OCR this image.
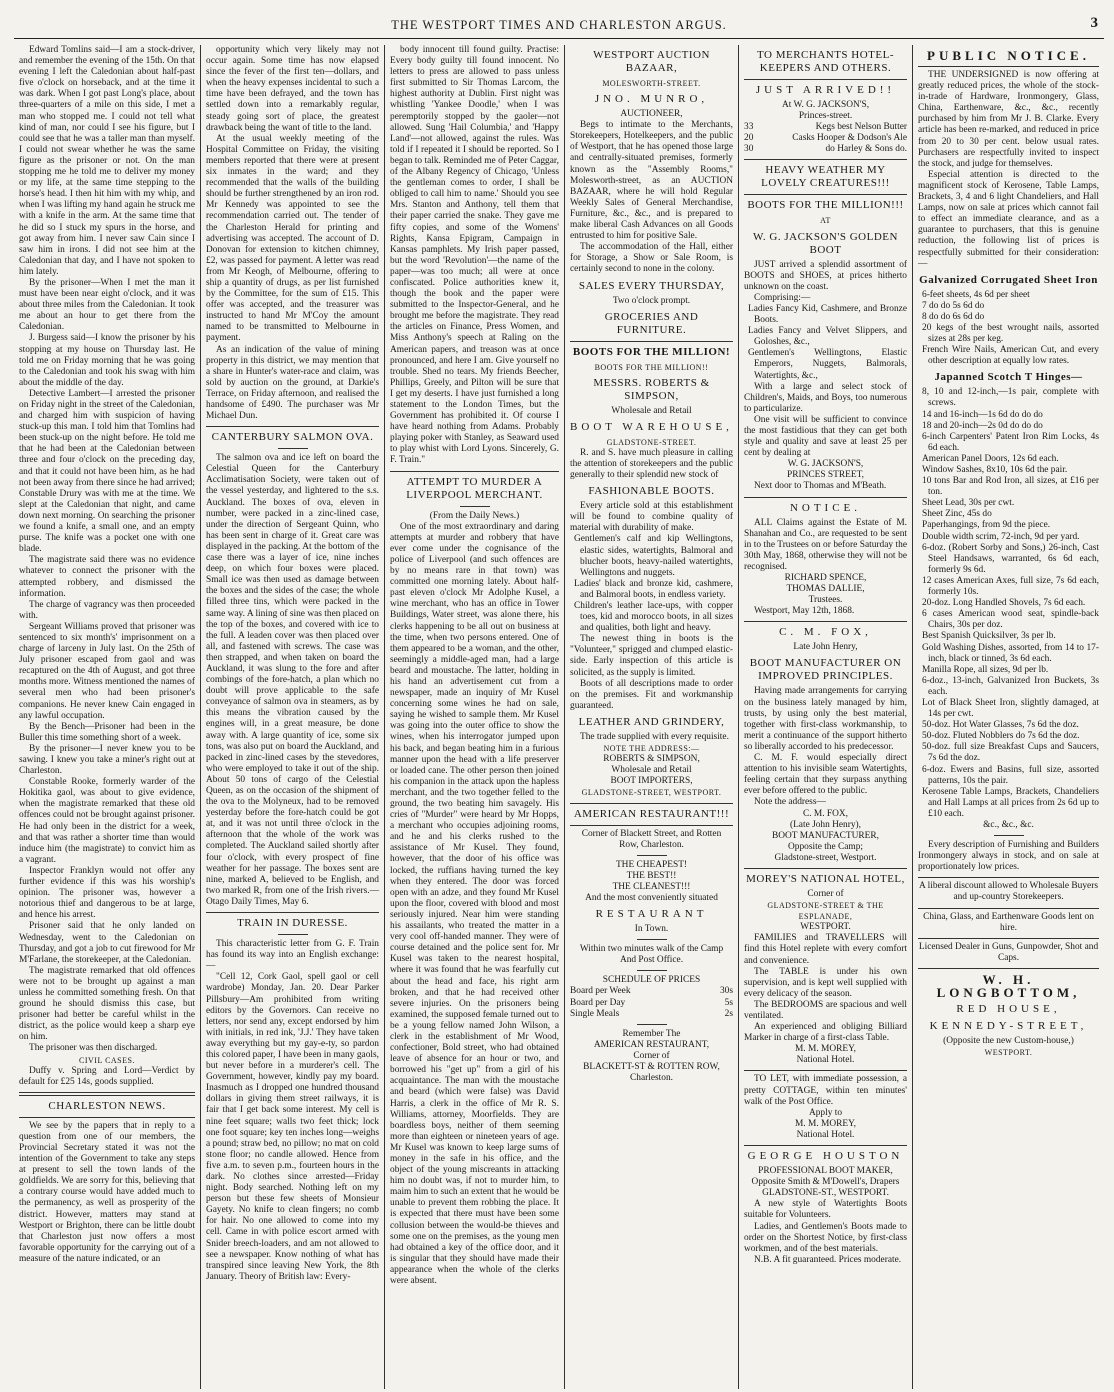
THE WESTPORT TIMES AND CHARLESTON ARGUS.	3

Edward Tomlins said—I am a stock-driver, and remember the evening of the 15th. On that evening I left the Caledonian about half-past five o'clock on horseback, and at the time it was dark. When I got past Long's place, about three-quarters of a mile on this side, I met a man who stopped me. I could not tell what kind of man, nor could I see his figure, but I could see that he was a taller man than myself. I could not swear whether he was the same figure as the prisoner or not. On the man stopping me he told me to deliver my money or my life, at the same time stepping to the horse's head. I then hit him with my whip, and when I was lifting my hand again he struck me with a knife in the arm. At the same time that he did so I stuck my spurs in the horse, and got away from him. I never saw Cain since I saw him in irons. I did not see him at the Caledonian that day, and I have not spoken to him lately.

By the prisoner—When I met the man it must have been near eight o'clock, and it was about three miles from the Caledonian. It took me about an hour to get there from the Caledonian.

J. Burgess said—I know the prisoner by his stopping at my house on Thursday last. He told me on Friday morning that he was going to the Caledonian and took his swag with him about the middle of the day.

Detective Lambert—I arrested the prisoner on Friday night in the street of the Caledonian, and charged him with suspicion of having stuck-up this man. I told him that Tomlins had been stuck-up on the night before. He told me that he had been at the Caledonian between three and four o'clock on the preceding day, and that it could not have been him, as he had not been away from there since he had arrived; Constable Drury was with me at the time. We slept at the Caledonian that night, and came down next morning. On searching the prisoner we found a knife, a small one, and an empty purse. The knife was a pocket one with one blade.

The magistrate said there was no evidence whatever to connect the prisoner with the attempted robbery, and dismissed the information.

The charge of vagrancy was then proceeded with.

Sergeant Williams proved that prisoner was sentenced to six month's' imprisonment on a charge of larceny in July last. On the 25th of July prisoner escaped from gaol and was recaptured on the 4th of August, and got three months more. Witness mentioned the names of several men who had been prisoner's companions. He never knew Cain engaged in any lawful occupation.

By the Bench—Prisoner had been in the Buller this time something short of a week.

By the prisoner—I never knew you to be sawing. I knew you take a miner's right out at Charleston.

Constable Rooke, formerly warder of the Hokitika gaol, was about to give evidence, when the magistrate remarked that these old offences could not be brought against prisoner. He had only been in the district for a week, and that was rather a shorter time than would induce him (the magistrate) to convict him as a vagrant.

Inspector Franklyn would not offer any further evidence if this was his worship's opinion. The prisoner was, however a notorious thief and dangerous to be at large, and hence his arrest.

Prisoner said that he only landed on Wednesday, went to the Caledonian on Thursday, and got a job to cut firewood for Mr M'Farlane, the storekeeper, at the Caledonian.

The magistrate remarked that old offences were not to be brought up against a man unless he committed something fresh. On that ground he should dismiss this case, but prisoner had better be careful whilst in the district, as the police would keep a sharp eye on him.

The prisoner was then discharged.

CIVIL CASES.

Duffy v. Spring and Lord—Verdict by default for £25 14s, goods supplied.

CHARLESTON NEWS.

We see by the papers that in reply to a question from one of our members, the Provincial Secretary stated it was not the intention of the Government to take any steps at present to sell the town lands of the goldfields. We are sorry for this, believing that a contrary course would have added much to the permanency, as well as prosperity of the district. However, matters may stand at Westport or Brighton, there can be little doubt that Charleston just now offers a most favorable opportunity for the carrying out of a measure of the nature indicated, or an

opportunity which very likely may not occur again. Some time has now elapsed since the fever of the first ten—dollars, and when the heavy expenses incidental to such a time have been defrayed, and the town has settled down into a remarkably regular, steady going sort of place, the greatest drawback being the want of title to the land.

At the usual weekly meeting of the Hospital Committee on Friday, the visiting members reported that there were at present six inmates in the ward; and they recommended that the walls of the building should be further strengthened by an iron rod. Mr Kennedy was appointed to see the recommendation carried out. The tender of the Charleston Herald for printing and advertising was accepted. The account of D. Donovan for extension to kitchen chimney, £2, was passed for payment. A letter was read from Mr Keogh, of Melbourne, offering to ship a quantity of drugs, as per list furnished by the Committee, for the sum of £15. This offer was accepted, and the treasurer was instructed to hand Mr M'Coy the amount named to be transmitted to Melbourne in payment.

As an indication of the value of mining property in this district, we may mention that a share in Hunter's water-race and claim, was sold by auction on the ground, at Darkie's Terrace, on Friday afternoon, and realised the handsome of £490. The purchaser was Mr Michael Dun.

CANTERBURY SALMON OVA.

The salmon ova and ice left on board the Celestial Queen for the Canterbury Acclimatisation Society, were taken out of the vessel yesterday, and lightered to the s.s. Auckland. The boxes of ova, eleven in number, were packed in a zinc-lined case, under the direction of Sergeant Quinn, who has been sent in charge of it. Great care was displayed in the packing. At the bottom of the case there was a layer of ice, nine inches deep, on which four boxes were placed. Small ice was then used as damage between the boxes and the sides of the case; the whole filled three tins, which were packed in the same way. A lining of sine was then placed on the top of the boxes, and covered with ice to the full. A leaden cover was then placed over all, and fastened with screws. The case was then strapped, and when taken on board the Auckland, it was slung to the fore and after combings of the fore-hatch, a plan which no doubt will prove applicable to the safe conveyance of salmon ova in steamers, as by this means the vibration caused by the engines will, in a great measure, be done away with. A large quantity of ice, some six tons, was also put on board the Auckland, and packed in zinc-lined cases by the stevedores, who were employed to take it out of the ship. About 50 tons of cargo of the Celestial Queen, as on the occasion of the shipment of the ova to the Molyneux, had to be removed yesterday before the fore-hatch could be got at, and it was not until three o'clock in the afternoon that the whole of the work was completed. The Auckland sailed shortly after four o'clock, with every prospect of fine weather for her passage. The boxes sent are nine, marked A, believed to be English, and two marked R, from one of the Irish rivers.—Otago Daily Times, May 6.

TRAIN IN DURESSE.

This characteristic letter from G. F. Train has found its way into an English exchange:—

"Cell 12, Cork Gaol, spell gaol or cell wardrobe) Monday, Jan. 20. Dear Parker Pillsbury—Am prohibited from writing editors by the Governors. Can receive no letters, nor send any, except endorsed by him with initials, in red ink, 'J.J.' They have taken away everything but my gay-e-ty, so pardon this colored paper, I have been in many gaols, but never before in a murderer's cell. The Government, however, kindly pay my board. Inasmuch as I dropped one hundred thousand dollars in giving them street railways, it is fair that I get back some interest. My cell is nine feet square; walls two feet thick; lock one foot square; key ten inches long—weighs a pound; straw bed, no pillow; no mat on cold stone floor; no candle allowed. Hence from five a.m. to seven p.m., fourteen hours in the dark. No clothes since arrested—Friday night. Body searched. Nothing left on my person but these few sheets of Monsieur Gayety. No knife to clean fingers; no comb for hair. No one allowed to come into my cell. Came in with police escort armed with Snider breech-loaders, and am not allowed to see a newspaper. Know nothing of what has transpired since leaving New York, the 8th January. Theory of British law: Every-

body innocent till found guilty. Practise: Every body guilty till found innocent. No letters to press are allowed to pass unless first submitted to Sir Thomas Larcom, the highest authority at Dublin. First night was whistling 'Yankee Doodle,' when I was peremptorily stopped by the gaoler—not allowed. Sung 'Hail Columbia,' and 'Happy Land'—not allowed, against the rules. Was told if I repeated it I should be reported. So I began to talk. Reminded me of Peter Caggar, of the Albany Regency of Chicago, 'Unless the gentleman comes to order, I shall be obliged to call him to name.' Should you see Mrs. Stanton and Anthony, tell them that their paper carried the snake. They gave me fifty copies, and some of the Womens' Rights, Kansa Epigram, Campaign in Kansas pamphlets. My Irish paper passed, but the word 'Revolution'—the name of the paper—was too much; all were at once confiscated. Police authorities knew it, though the book and the paper were submitted to the Inspector-General, and he brought me before the magistrate. They read the articles on Finance, Press Women, and Miss Anthony's speech at Raling on the American papers, and treason was at once pronounced, and here I am. Give yourself no trouble. Shed no tears. My friends Beecher, Phillips, Greely, and Pilton will be sure that I get my deserts. I have just furnished a long statement to the London Times, but the Government has prohibited it. Of course I have heard nothing from Adams. Probably playing poker with Stanley, as Seaward used to play whist with Lord Lyons. Sincerely, G. F. Train."

ATTEMPT TO MURDER A LIVERPOOL MERCHANT.

(From the Daily News.)

One of the most extraordinary and daring attempts at murder and robbery that have ever come under the cognisance of the police of Liverpool (and such offences are by no means rare in that town) was committed one morning lately. About half-past eleven o'clock Mr Adolphe Kusel, a wine merchant, who has an office in Tower Buildings, Water street, was alone there, his clerks happening to be all out on business at the time, when two persons entered. One of them appeared to be a woman, and the other, seemingly a middle-aged man, had a large beard and moustache. The latter, holding in his hand an advertisement cut from a newspaper, made an inquiry of Mr Kusel concerning some wines he had on sale, saying he wished to sample them. Mr Kusel was going into the outer office to show the wines, when his interrogator jumped upon his back, and began beating him in a furious manner upon the head with a life preserver or loaded cane. The other person then joined his companion in the attack upon the hapless merchant, and the two together felled to the ground, the two beating him savagely. His cries of "Murder" were heard by Mr Hopps, a merchant who occupies adjoining rooms, and he and his clerks rushed to the assistance of Mr Kusel. They found, however, that the door of his office was locked, the ruffians having turned the key when they entered. The door was forced open with an adze, and they found Mr Kusel upon the floor, covered with blood and most seriously injured. Near him were standing his assailants, who treated the matter in a very cool off-handed manner. They were of course detained and the police sent for. Mr Kusel was taken to the nearest hospital, where it was found that he was fearfully cut about the head and face, his right arm broken, and that he had received other severe injuries. On the prisoners being examined, the supposed female turned out to be a young fellow named John Wilson, a clerk in the establishment of Mr Wood, confectioner, Bold street, who had obtained leave of absence for an hour or two, and borrowed his "get up" from a girl of his acquaintance. The man with the moustache and beard (which were false) was David Harris, a clerk in the office of Mr R. S. Williams, attorney, Moorfields. They are boardless boys, neither of them seeming more than eighteen or nineteen years of age. Mr Kusel was known to keep large sums of money in the safe in his office, and the object of the young miscreants in attacking him no doubt was, if not to murder him, to maim him to such an extent that he would be unable to prevent them robbing the place. It is expected that there must have been some collusion between the would-be thieves and some one on the premises, as the young men had obtained a key of the office door, and it is singular that they should have made their appearance when the whole of the clerks were absent.

WESTPORT AUCTION BAZAAR,

MOLESWORTH-STREET.

JNO. MUNRO,

AUCTIONEER,

Begs to intimate to the Merchants, Storekeepers, Hotelkeepers, and the public of Westport, that he has opened those large and centrally-situated premises, formerly known as the "Assembly Rooms," Molesworth-street, as an AUCTION BAZAAR, where he will hold Regular Weekly Sales of General Merchandise, Furniture, &c., &c., and is prepared to make liberal Cash Advances on all Goods entrusted to him for positive Sale.

The accommodation of the Hall, either for Storage, a Show or Sale Room, is certainly second to none in the colony.

SALES EVERY THURSDAY,

Two o'clock prompt.

GROCERIES AND FURNITURE.
BOOTS FOR THE MILLION!

BOOTS FOR THE MILLION!!

MESSRS. ROBERTS & SIMPSON,

Wholesale and Retail

BOOT WAREHOUSE,

GLADSTONE-STREET.

R. and S. have much pleasure in calling the attention of storekeepers and the public generally to their splendid new stock of

FASHIONABLE BOOTS.

Every article sold at this establishment will be found to combine quality of material with durability of make.

Gentlemen's calf and kip Wellingtons, elastic sides, watertights, Balmoral and blucher boots, heavy-nailed watertights, Wellingtons and nuggets.

Ladies' black and bronze kid, cashmere, and Balmoral boots, in endless variety.

Children's leather lace-ups, with copper toes, kid and morocco boots, in all sizes and qualities, both light and heavy.

The newest thing in boots is the "Volunteer," sprigged and clumped elastic-side. Early inspection of this article is solicited, as the supply is limited.

Boots of all descriptions made to order on the premises. Fit and workmanship guaranteed.

LEATHER AND GRINDERY,

The trade supplied with every requisite.

NOTE THE ADDRESS:—

ROBERTS & SIMPSON,

Wholesale and Retail

BOOT IMPORTERS,

GLADSTONE-STREET, WESTPORT.

AMERICAN RESTAURANT!!!

Corner of Blackett Street, and Rotten

Row, Charleston.

THE CHEAPEST!

THE BEST!!

THE CLEANEST!!!

And the most conveniently situated

RESTAURANT

In Town.

Within two minutes walk of the Camp

And Post Office.

SCHEDULE OF PRICES

Board per Week	30s
Board per Day	5s
Single Meals	2s

Remember The

AMERICAN RESTAURANT,

Corner of

BLACKETT-ST & ROTTEN ROW,

Charleston.

TO MERCHANTS HOTEL-KEEPERS AND OTHERS.
JUST ARRIVED!!

At W. G. JACKSON'S,

Princes-street.

33	Kegs best Nelson Butter
20	Casks Hooper & Dodson's Ale
30	do Harley & Sons do.
HEAVY WEATHER MY LOVELY CREATURES!!!
BOOTS FOR THE MILLION!!!

AT

W. G. JACKSON'S GOLDEN BOOT

JUST arrived a splendid assortment of BOOTS and SHOES, at prices hitherto unknown on the coast.

Comprising:—

Ladies Fancy Kid, Cashmere, and Bronze Boots.

Ladies Fancy and Velvet Slippers, and Goloshes, &c.,

Gentlemen's Wellingtons, Elastic Emperors, Nuggets, Balmorals, Watertights, &c.,

With a large and select stock of Children's, Maids, and Boys, too numerous to particularize.

One visit will be sufficient to convince the most fastidious that they can get both style and quality and save at least 25 per cent by dealing at

W. G. JACKSON'S,

PRINCES STREET,

Next door to Thomas and M'Beath.

NOTICE.

ALL Claims against the Estate of M. Shanahan and Co., are requested to be sent in to the Trustees on or before Saturday the 30th May, 1868, otherwise they will not be recognised.

RICHARD SPENCE,

THOMAS DALLIE,

Trustees.

Westport, May 12th, 1868.

C. M. FOX,

Late John Henry,

BOOT MANUFACTURER ON IMPROVED PRINCIPLES.

Having made arrangements for carrying on the business lately managed by him, trusts, by using only the best material, together with first-class workmanship, to merit a continuance of the support hitherto so liberally accorded to his predecessor.

C. M. F. would especially direct attention to his invisible seam Watertights, feeling certain that they surpass anything ever before offered to the public.

Note the address—

C. M. FOX,

(Late John Henry),

BOOT MANUFACTURER,

Opposite the Camp;

Gladstone-street, Westport.

MOREY'S NATIONAL HOTEL,

Corner of

GLADSTONE-STREET & THE ESPLANADE,

WESTPORT.

FAMILIES and TRAVELLERS will find this Hotel replete with every comfort and convenience.

The TABLE is under his own supervision, and is kept well supplied with every delicacy of the season.

The BEDROOMS are spacious and well ventilated.

An experienced and obliging Billiard Marker in charge of a first-class Table.

M. M. MOREY,

National Hotel.

TO LET, with immediate possession, a pretty COTTAGE, within ten minutes' walk of the Post Office.

Apply to

M. M. MOREY,

National Hotel.

GEORGE HOUSTON

PROFESSIONAL BOOT MAKER,

Opposite Smith & M'Dowell's, Drapers

GLADSTONE-ST., WESTPORT.

A new style of Watertights Boots suitable for Volunteers.

Ladies, and Gentlemen's Boots made to order on the Shortest Notice, by first-class workmen, and of the best materials.

N.B. A fit guaranteed. Prices moderate.

PUBLIC NOTICE.

THE UNDERSIGNED is now offering at greatly reduced prices, the whole of the stock-in-trade of Hardware, Ironmongery, Glass, China, Earthenware, &c., &c., recently purchased by him from Mr J. B. Clarke. Every article has been re-marked, and reduced in price from 20 to 30 per cent. below usual rates. Purchasers are respectfully invited to inspect the stock, and judge for themselves.

Especial attention is directed to the magnificent stock of Kerosene, Table Lamps, Brackets, 3, 4 and 6 light Chandeliers, and Hall Lamps, now on sale at prices which cannot fail to effect an immediate clearance, and as a guarantee to purchasers, that this is genuine reduction, the following list of prices is respectfully submitted for their consideration:—

Galvanized Corrugated Sheet Iron

6-feet sheets, 4s 6d per sheet

7 do do 5s 6d do

8 do do 6s 6d do

20 kegs of the best wrought nails, assorted sizes at 28s per keg.

French Wire Nails, American Cut, and every other description at equally low rates.

Japanned Scotch T Hinges—

8, 10 and 12-inch,—1s pair, complete with screws.

14 and 16-inch—1s 6d do do do

18 and 20-inch—2s 0d do do do

6-inch Carpenters' Patent Iron Rim Locks, 4s 6d each.

American Panel Doors, 12s 6d each.

Window Sashes, 8x10, 10s 6d the pair.

10 tons Bar and Rod Iron, all sizes, at £16 per ton.

Sheet Lead, 30s per cwt.

Sheet Zinc, 45s do

Paperhangings, from 9d the piece.

Double width scrim, 72-inch, 9d per yard.

6-doz. (Robert Sorby and Sons,) 26-inch, Cast Steel Handsaws, warranted, 6s 6d each, formerly 9s 6d.

12 cases American Axes, full size, 7s 6d each, formerly 10s.

20-doz. Long Handled Shovels, 7s 6d each.

6 cases American wood seat, spindle-back Chairs, 30s per doz.

Best Spanish Quicksilver, 3s per lb.

Gold Washing Dishes, assorted, from 14 to 17-inch, black or tinned, 3s 6d each.

Manilla Rope, all sizes, 9d per lb.

6-doz., 13-inch, Galvanized Iron Buckets, 3s each.

Lot of Black Sheet Iron, slightly damaged, at 14s per cwt.

50-doz. Hot Water Glasses, 7s 6d the doz.

50-doz. Fluted Nobblers do 7s 6d the doz.

50-doz. full size Breakfast Cups and Saucers, 7s 6d the doz.

6-doz. Ewers and Basins, full size, assorted patterns, 10s the pair.

Kerosene Table Lamps, Brackets, Chandeliers and Hall Lamps at all prices from 2s 6d up to £10 each.

&c., &c., &c.

Every description of Furnishing and Builders Ironmongery always in stock, and on sale at proportionately low prices.

A liberal discount allowed to Wholesale Buyers and up-country Storekeepers.

China, Glass, and Earthenware Goods lent on hire.

Licensed Dealer in Guns, Gunpowder, Shot and Caps.

W. H. LONGBOTTOM,
RED HOUSE,
KENNEDY-STREET,

(Opposite the new Custom-house,)

WESTPORT.
